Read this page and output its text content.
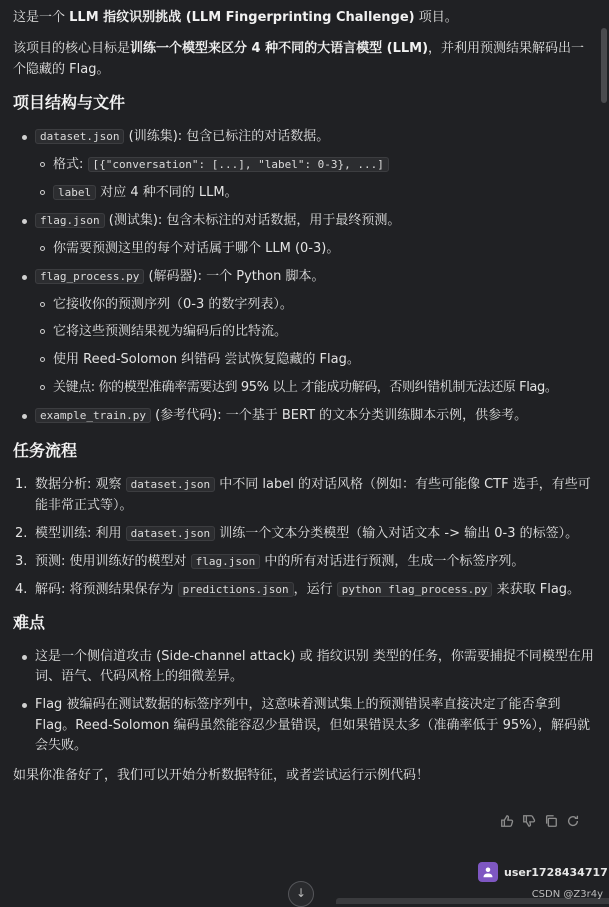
这是一个 LLM 指纹识别挑战 (LLM Fingerprinting Challenge) 项目。

该项目的核心目标是训练一个模型来区分 4 种不同的大语言模型 (LLM)，并利用预测结果解码出一

个隐藏的 Flag。

项目结构与文件
dataset.json (训练集): 包含已标注的对话数据。
格式: [{"conversation": [...], "label": 0-3}, ...]
label 对应 4 种不同的 LLM。
flag.json (测试集): 包含未标注的对话数据，用于最终预测。
你需要预测这里的每个对话属于哪个 LLM (0-3)。
flag_process.py (解码器): 一个 Python 脚本。
它接收你的预测序列（0-3 的数字列表）。
它将这些预测结果视为编码后的比特流。
使用 Reed-Solomon 纠错码 尝试恢复隐藏的 Flag。
关键点: 你的模型准确率需要达到 95% 以上 才能成功解码，否则纠错机制无法还原 Flag。
example_train.py (参考代码): 一个基于 BERT 的文本分类训练脚本示例，供参考。
任务流程
1. 数据分析: 观察 dataset.json 中不同 label 的对话风格（例如：有些可能像 CTF 选手，有些可
能非常正式等）。
2. 模型训练: 利用 dataset.json 训练一个文本分类模型（输入对话文本 -> 输出 0-3 的标签）。
3. 预测: 使用训练好的模型对 flag.json 中的所有对话进行预测，生成一个标签序列。
4. 解码: 将预测结果保存为 predictions.json ，运行 python flag_process.py 来获取 Flag。
难点
这是一个侧信道攻击 (Side-channel attack) 或 指纹识别 类型的任务，你需要捕捉不同模型在用
词、语气、代码风格上的细微差异。
Flag 被编码在测试数据的标签序列中，这意味着测试集上的预测错误率直接决定了能否拿到
Flag。Reed-Solomon 编码虽然能容忍少量错误，但如果错误太多（准确率低于 95%），解码就
会失败。

如果你准备好了，我们可以开始分析数据特征，或者尝试运行示例代码！

user1728434717
↓	CSDN @Z3r4y
